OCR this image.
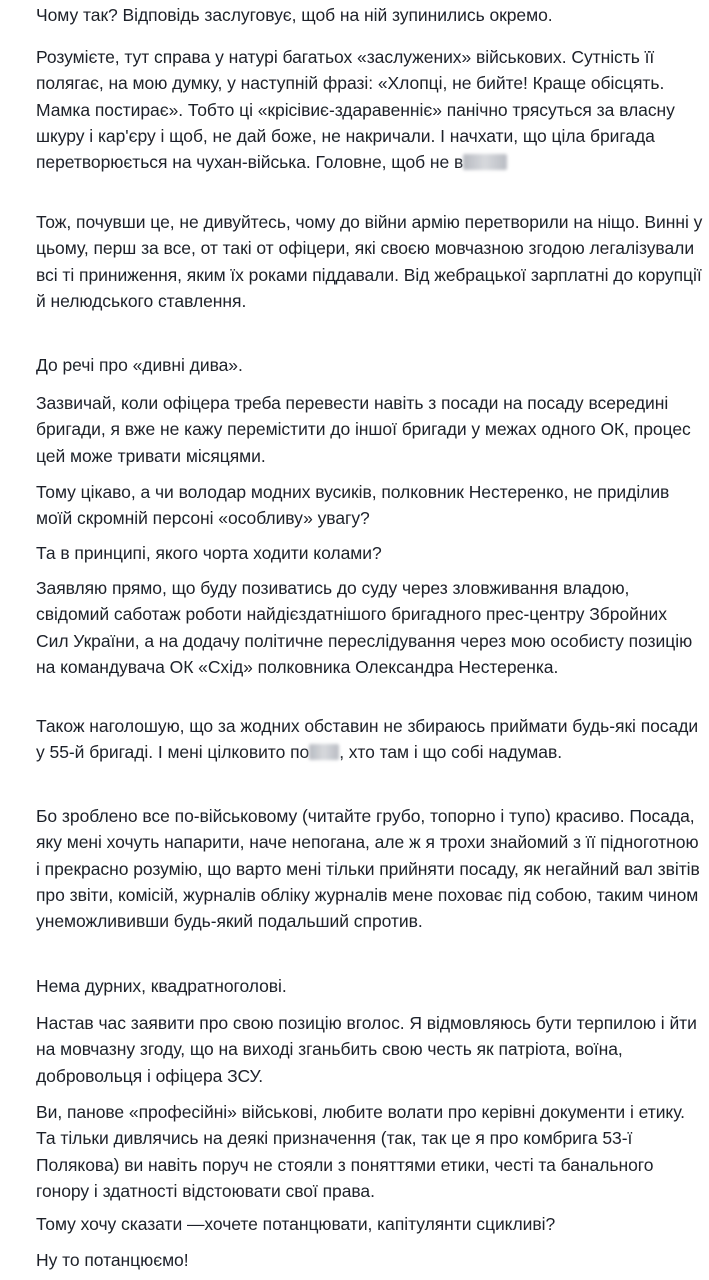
Чому так? Відповідь заслуговує, щоб на ній зупинились окремо.

Розумієте, тут справа у натурі багатьох «заслужених» військових. Сутність її полягає, на мою думку, у наступній фразі: «Хлопці, не бийте! Краще обісцять. Мамка постирає». Тобто ці «крісівиє-здаравенніє» панічно трясуться за власну шкуру і кар'єру і щоб, не дай боже, не накричали. І начхати, що ціла бригада перетворюється на чухан-війська. Головне, щоб не в

Тож, почувши це, не дивуйтесь, чому до війни армію перетворили на ніщо. Винні у цьому, перш за все, от такі от офіцери, які своєю мовчазною згодою легалізували всі ті приниження, яким їх роками піддавали. Від жебрацької зарплатні до корупції й нелюдського ставлення.

До речі про «дивні дива».

Зазвичай, коли офіцера треба перевести навіть з посади на посаду всередині бригади, я вже не кажу перемістити до іншої бригади у межах одного ОК, процес цей може тривати місяцями.

Тому цікаво, а чи володар модних вусиків, полковник Нестеренко, не приділив моїй скромній персоні «особливу» увагу?

Та в принципі, якого чорта ходити колами?

Заявляю прямо, що буду позиватись до суду через зловживання владою, свідомий саботаж роботи найдієздатнішого бригадного прес-центру Збройних Сил України, а на додачу політичне переслідування через мою особисту позицію на командувача ОК «Схід» полковника Олександра Нестеренка.

Також наголошую, що за жодних обставин не збираюсь приймати будь-які посади у 55-й бригаді. І мені цілковито по , хто там і що собі надумав.

Бо зроблено все по-військовому (читайте грубо, топорно і тупо) красиво. Посада, яку мені хочуть напарити, наче непогана, але ж я трохи знайомий з її підноготною і прекрасно розумію, що варто мені тільки прийняти посаду, як негайний вал звітів про звіти, комісій, журналів обліку журналів мене поховає під собою, таким чином унеможлививши будь-який подальший спротив.

Нема дурних, квадратноголові.

Настав час заявити про свою позицію вголос. Я відмовляюсь бути терпилою і йти на мовчазну згоду, що на виході зганьбить свою честь як патріота, воїна, добровольця і офіцера ЗСУ.

Ви, панове «професійні» військові, любите волати про керівні документи і етику. Та тільки дивлячись на деякі призначення (так, так це я про комбрига 53-ї Полякова) ви навіть поруч не стояли з поняттями етики, честі та банального гонору і здатності відстоювати свої права.

Тому хочу сказати —хочете потанцювати, капітулянти сцикливі?

Ну то потанцюємо!
